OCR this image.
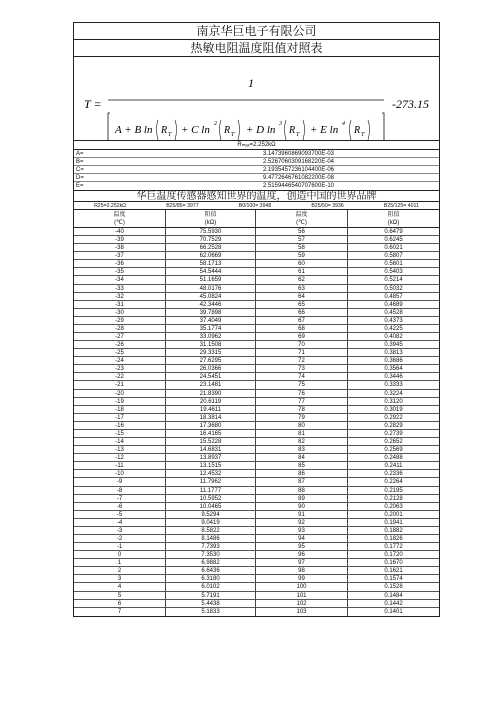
南京华巨电子有限公司
热敏电阻温度阻值对照表
T =
1
A + B ln R T + C ln 2
R T + D ln 3
R T + E ln 4
R T
-273.15
Rₘₐₓ=2.252kΩ
A=	3.1473960869093700E-03
B=	2.5267060309168220E-04
C=	2.1935457236104400E-06
D=	9.4772646761082200E-08
E=	2.5159446540707600E-10
华巨温度传感器感知世界的温度，创造中国的世界品牌
R25=2.252kΩ	B25/85= 3977	B0/100= 3948	B25/50= 3936	B25/125= 4011
温度
(℃)
阻值
(kΩ)
温度
(℃)
阻值
(kΩ)
-40	75.5930	56	0.6479
-39	70.7529	57	0.6245
-38	66.2528	58	0.6021
-37	62.0669	59	0.5807
-36	58.1713	60	0.5601
-35	54.5444	61	0.5403
-34	51.1659	62	0.5214
-33	48.0176	63	0.5032
-32	45.0824	64	0.4857
-31	42.3446	65	0.4689
-30	39.7898	66	0.4528
-29	37.4049	67	0.4373
-28	35.1774	68	0.4225
-27	33.0962	69	0.4082
-26	31.1508	70	0.3945
-25	29.3315	71	0.3813
-24	27.6295	72	0.3686
-23	26.0366	73	0.3564
-22	24.5451	74	0.3446
-21	23.1481	75	0.3333
-20	21.8390	76	0.3224
-19	20.6119	77	0.3120
-18	19.4611	78	0.3019
-17	18.3814	79	0.2922
-16	17.3680	80	0.2829
-15	16.4165	81	0.2739
-14	15.5228	82	0.2652
-13	14.6831	83	0.2569
-12	13.8937	84	0.2488
-11	13.1515	85	0.2411
-10	12.4532	86	0.2336
-9	11.7962	87	0.2264
-8	11.1777	88	0.2195
-7	10.5952	89	0.2128
-6	10.0465	90	0.2063
-5	9.5294	91	0.2001
-4	9.0419	92	0.1941
-3	8.5822	93	0.1882
-2	8.1486	94	0.1826
-1	7.7393	95	0.1772
0	7.3530	96	0.1720
1	6.9882	97	0.1670
2	6.6436	98	0.1621
3	6.3180	99	0.1574
4	6.0102	100	0.1528
5	5.7191	101	0.1484
6	5.4438	102	0.1442
7	5.1833	103	0.1401
